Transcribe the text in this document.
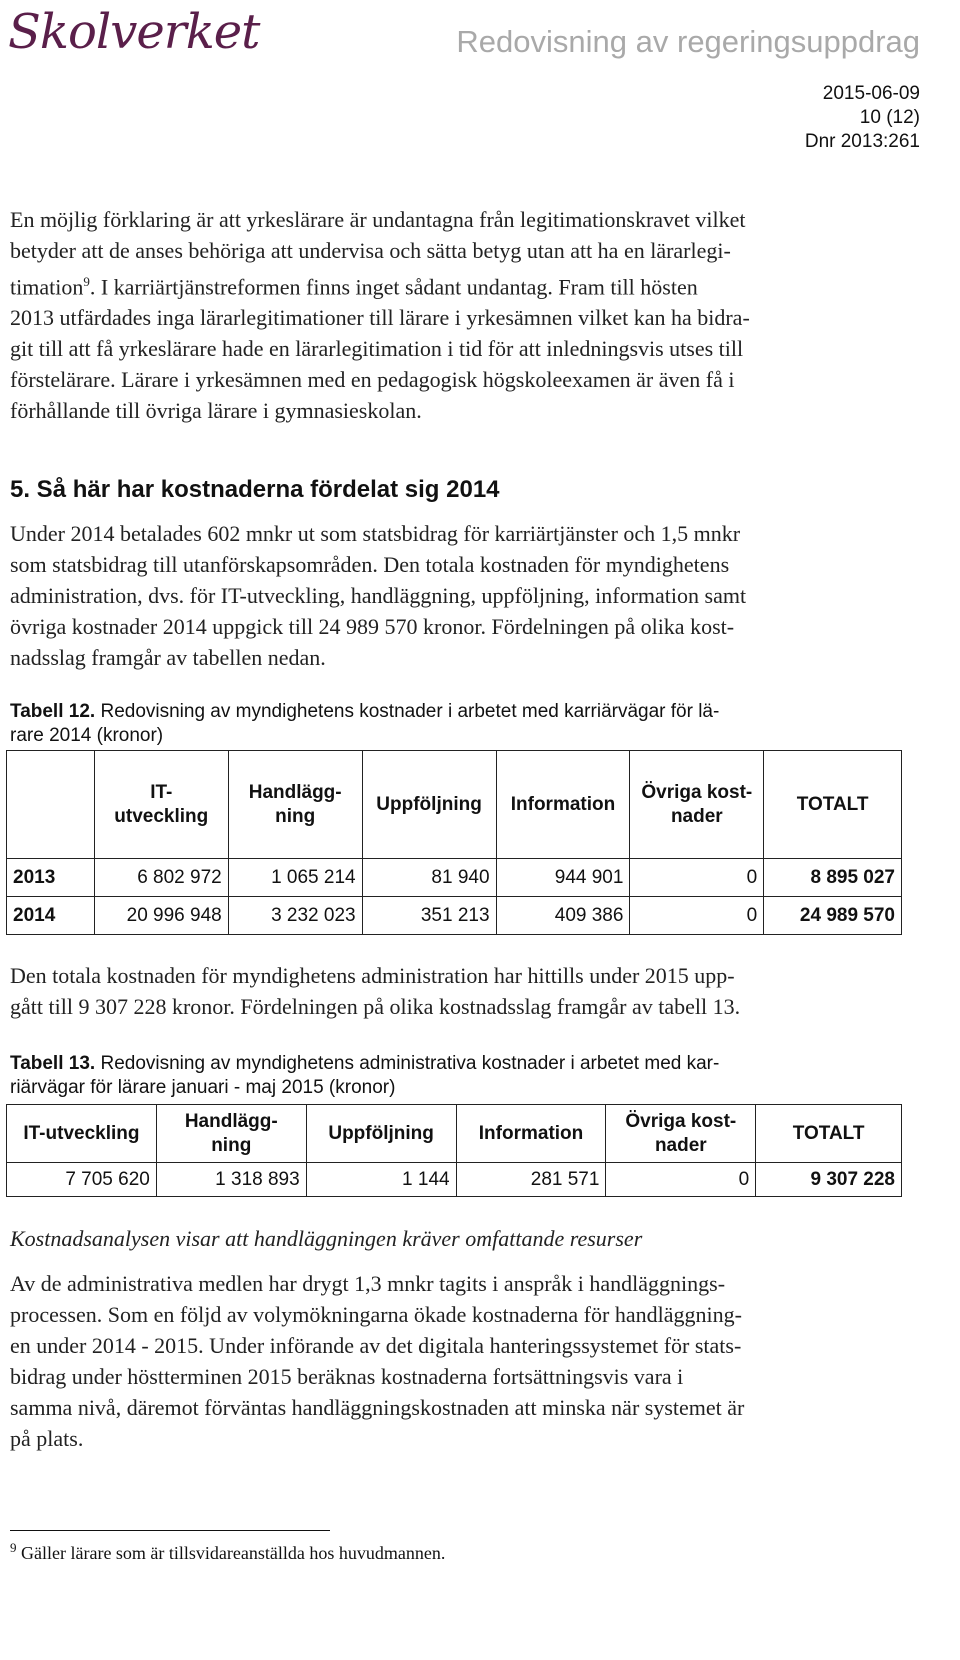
Skolverket	Redovisning av regeringsuppdrag
2015-06-09
10 (12)
Dnr 2013:261
En möjlig förklaring är att yrkeslärare är undantagna från legitimationskravet vilket
betyder att de anses behöriga att undervisa och sätta betyg utan att ha en lärarlegi-
timation$^9$. I karriärtjänstreformen finns inget sådant undantag. Fram till hösten
2013 utfärdades inga lärarlegitimationer till lärare i yrkesämnen vilket kan ha bidra-
git till att få yrkeslärare hade en lärarlegitimation i tid för att inledningsvis utses till
förstelärare. Lärare i yrkesämnen med en pedagogisk högskoleexamen är även få i
förhållande till övriga lärare i gymnasieskolan.
5. Så här har kostnaderna fördelat sig 2014
Under 2014 betalades 602 mnkr ut som statsbidrag för karriärtjänster och 1,5 mnkr
som statsbidrag till utanförskapsområden. Den totala kostnaden för myndighetens
administration, dvs. för IT-utveckling, handläggning, uppföljning, information samt
övriga kostnader 2014 uppgick till 24 989 570 kronor. Fördelningen på olika kost-
nadsslag framgår av tabellen nedan.
Tabell 12. Redovisning av myndighetens kostnader i arbetet med karriärvägar för lä-
rare 2014 (kronor)
	IT-
utveckling	Handlägg-
ning	Uppföljning	Information	Övriga kost-
nader	TOTALT
2013	6 802 972	1 065 214	81 940	944 901	0	8 895 027
2014	20 996 948	3 232 023	351 213	409 386	0	24 989 570
Den totala kostnaden för myndighetens administration har hittills under 2015 upp-
gått till 9 307 228 kronor. Fördelningen på olika kostnadsslag framgår av tabell 13.
Tabell 13. Redovisning av myndighetens administrativa kostnader i arbetet med kar-
riärvägar för lärare januari - maj 2015 (kronor)
IT-utveckling	Handlägg-
ning	Uppföljning	Information	Övriga kost-
nader	TOTALT
7 705 620	1 318 893	1 144	281 571	0	9 307 228
Kostnadsanalysen visar att handläggningen kräver omfattande resurser
Av de administrativa medlen har drygt 1,3 mnkr tagits i anspråk i handläggnings-
processen. Som en följd av volymökningarna ökade kostnaderna för handläggning-
en under 2014 - 2015. Under införande av det digitala hanteringssystemet för stats-
bidrag under höstterminen 2015 beräknas kostnaderna fortsättningsvis vara i
samma nivå, däremot förväntas handläggningskostnaden att minska när systemet är
på plats.
$^9$ Gäller lärare som är tillsvidareanställda hos huvudmannen.
